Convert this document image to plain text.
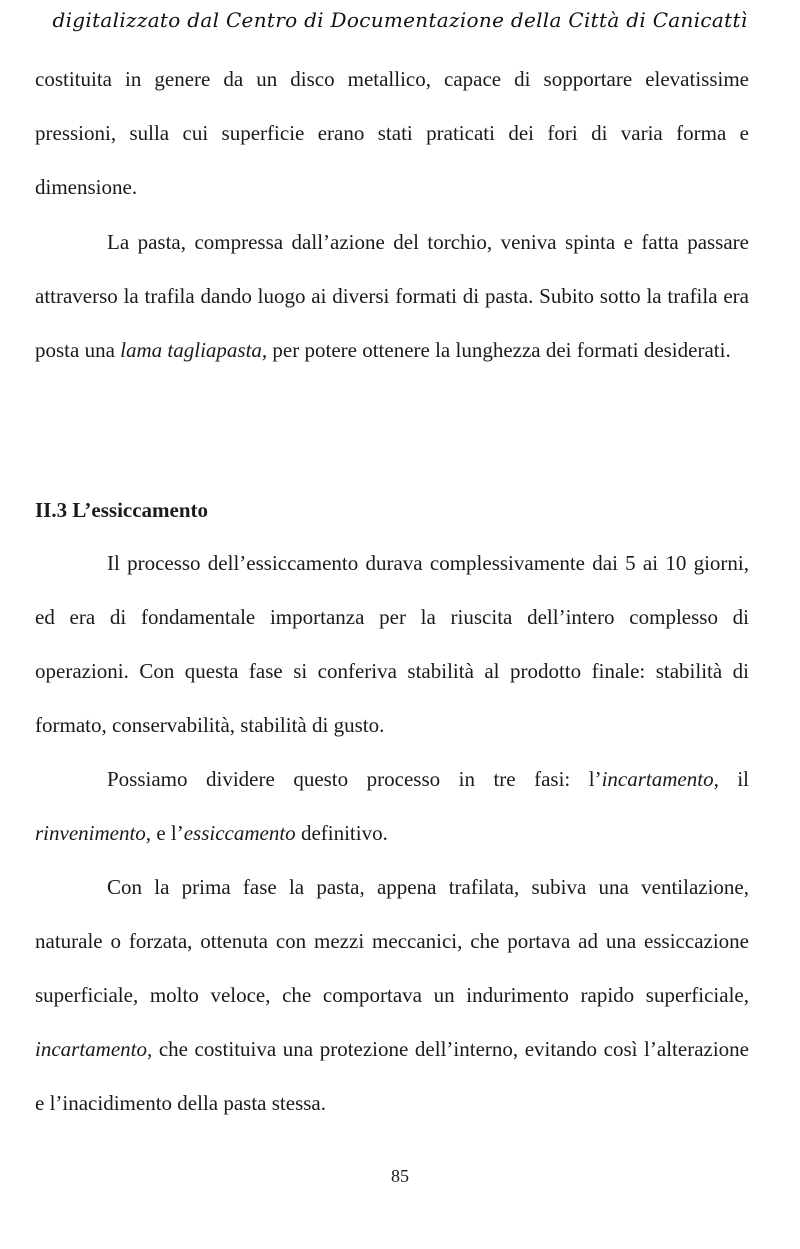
digitalizzato dal Centro di Documentazione della Città di Canicattì

costituita in genere da un disco metallico, capace di sopportare elevatissime pressioni, sulla cui superficie erano stati praticati dei fori di varia forma e dimensione.

La pasta, compressa dall’azione del torchio, veniva spinta e fatta passare attraverso la trafila dando luogo ai diversi formati di pasta. Subito sotto la trafila era posta una lama tagliapasta, per potere ottenere la lunghezza dei formati desiderati.

II.3 L’essiccamento

Il processo dell’essiccamento durava complessivamente dai 5 ai 10 giorni, ed era di fondamentale importanza per la riuscita dell’intero complesso di operazioni. Con questa fase si conferiva stabilità al prodotto finale: stabilità di formato, conservabilità, stabilità di gusto.

Possiamo dividere questo processo in tre fasi: l’incartamento, il rinvenimento, e l’essiccamento definitivo.

Con la prima fase la pasta, appena trafilata, subiva una ventilazione, naturale o forzata, ottenuta con mezzi meccanici, che portava ad una essiccazione superficiale, molto veloce, che comportava un indurimento rapido superficiale, incartamento, che costituiva una protezione dell’interno, evitando così l’alterazione e l’inacidimento della pasta stessa.

85
